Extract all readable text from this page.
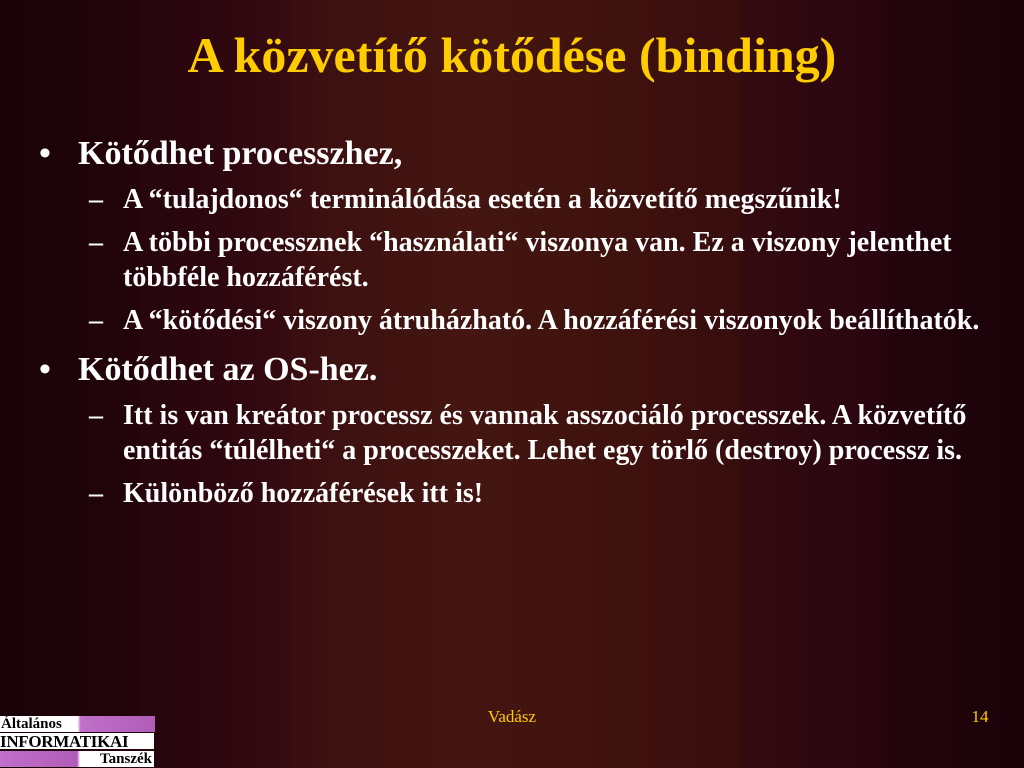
A közvetítő kötődése (binding)
• Kötődhet processzhez,
– A “tulajdonos“ terminálódása esetén a közvetítő megszűnik!
– A többi processznek “használati“ viszonya van. Ez a viszony jelenthet többféle hozzáférést.
– A “kötődési“ viszony átruházható. A hozzáférési viszonyok beállíthatók.
• Kötődhet az OS-hez.
– Itt is van kreátor processz és vannak asszociáló processzek. A közvetítő entitás “túlélheti“ a processzeket. Lehet egy törlő (destroy) processz is.
– Különböző hozzáférések itt is!
Vadász	14
Általános
INFORMATIKAI
Tanszék
